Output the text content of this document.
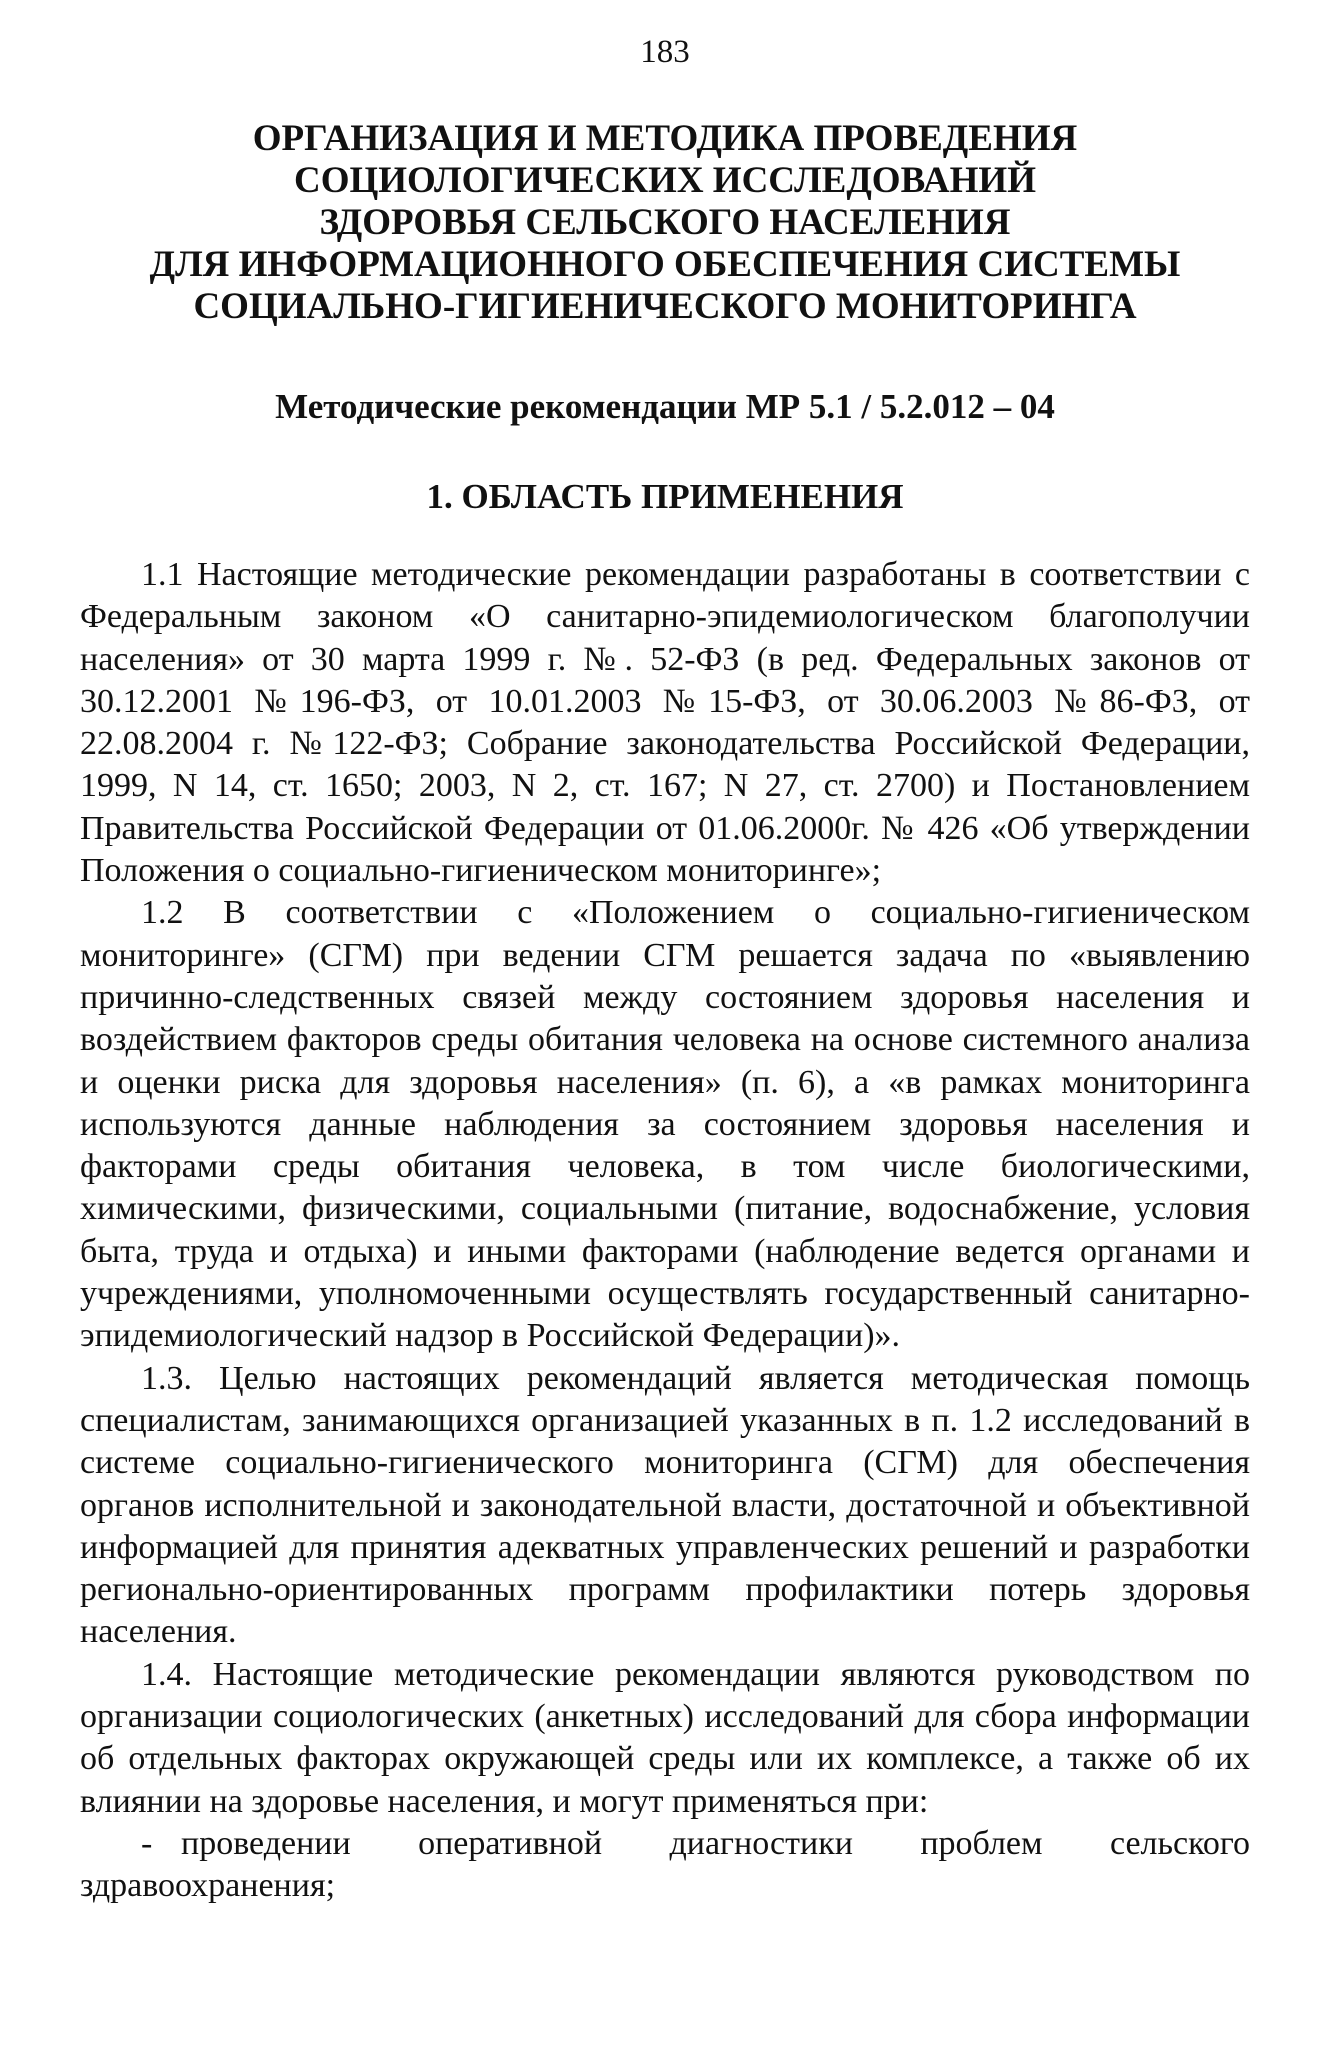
183

ОРГАНИЗАЦИЯ И МЕТОДИКА ПРОВЕДЕНИЯ
СОЦИОЛОГИЧЕСКИХ ИССЛЕДОВАНИЙ
ЗДОРОВЬЯ СЕЛЬСКОГО НАСЕЛЕНИЯ
ДЛЯ ИНФОРМАЦИОННОГО ОБЕСПЕЧЕНИЯ СИСТЕМЫ
СОЦИАЛЬНО-ГИГИЕНИЧЕСКОГО МОНИТОРИНГА

Методические рекомендации МР 5.1 / 5.2.012 – 04

1. ОБЛАСТЬ ПРИМЕНЕНИЯ

1.1 Настоящие методические рекомендации разработаны в соответствии с Федеральным законом «О санитарно-эпидемиологическом благополучии населения» от 30 марта 1999 г. №. 52-ФЗ (в ред. Федеральных законов от 30.12.2001 №196-ФЗ, от 10.01.2003 №15-ФЗ, от 30.06.2003 №86-ФЗ, от 22.08.2004 г. №122-ФЗ; Собрание законодательства Российской Федерации, 1999, N 14, ст. 1650; 2003, N 2, ст. 167; N 27, ст. 2700) и Постановлением Правительства Российской Федерации от 01.06.2000г. № 426 «Об утверждении Положения о социально-гигиеническом мониторинге»;

1.2 В соответствии с «Положением о социально-гигиеническом мониторинге» (СГМ) при ведении СГМ решается задача по «выявлению причинно-следственных связей между состоянием здоровья населения и воздействием факторов среды обитания человека на основе системного анализа и оценки риска для здоровья населения» (п. 6), а «в рамках мониторинга используются данные наблюдения за состоянием здоровья населения и факторами среды обитания человека, в том числе биологическими, химическими, физическими, социальными (питание, водоснабжение, условия быта, труда и отдыха) и иными факторами (наблюдение ведется органами и учреждениями, уполномоченными осуществлять государственный санитарно-эпидемиологический надзор в Российской Федерации)».

1.3. Целью настоящих рекомендаций является методическая помощь специалистам, занимающихся организацией указанных в п. 1.2 исследований в системе социально-гигиенического мониторинга (СГМ) для обеспечения органов исполнительной и законодательной власти, достаточной и объективной информацией для принятия адекватных управленческих решений и разработки регионально-ориентированных программ профилактики потерь здоровья населения.

1.4. Настоящие методические рекомендации являются руководством по организации социологических (анкетных) исследований для сбора информации об отдельных факторах окружающей среды или их комплексе, а также об их влиянии на здоровье населения, и могут применяться при:

- проведении оперативной диагностики проблем сельского здравоохранения;
